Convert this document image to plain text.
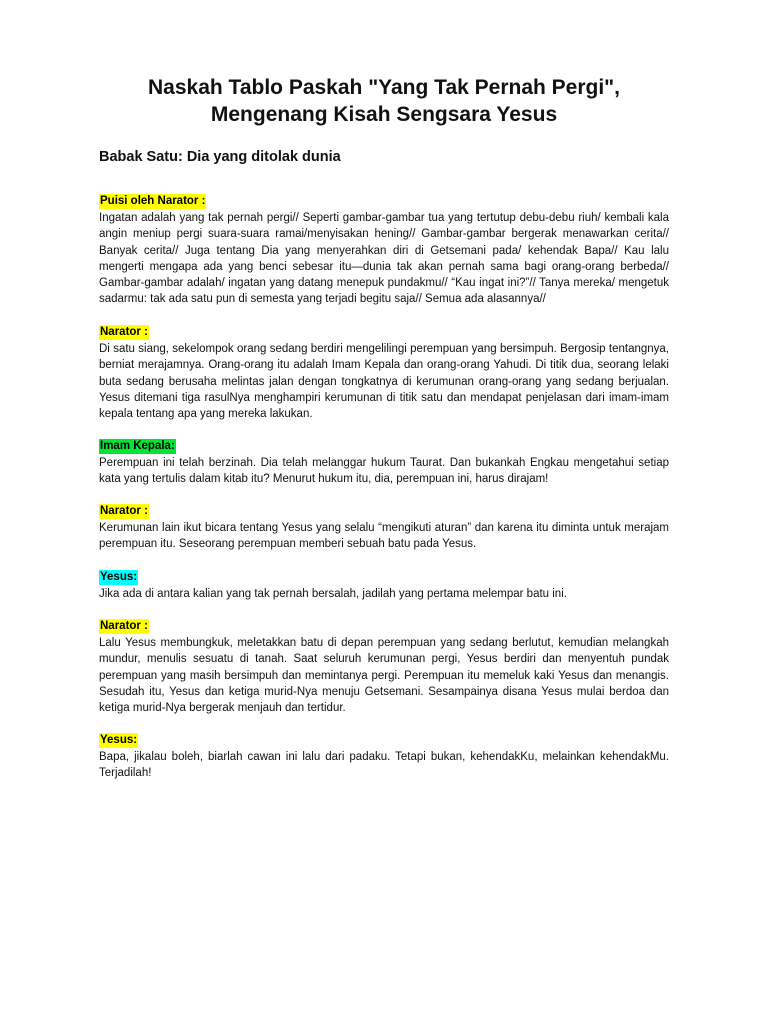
Naskah Tablo Paskah "Yang Tak Pernah Pergi",
Mengenang Kisah Sengsara Yesus
Babak Satu: Dia yang ditolak dunia
Puisi oleh Narator :

Ingatan adalah yang tak pernah pergi// Seperti gambar-gambar tua yang tertutup debu-debu riuh/ kembali kala angin meniup pergi suara-suara ramai/menyisakan hening// Gambar-gambar bergerak menawarkan cerita// Banyak cerita// Juga tentang Dia yang menyerahkan diri di Getsemani pada/ kehendak Bapa// Kau lalu mengerti mengapa ada yang benci sebesar itu—dunia tak akan pernah sama bagi orang-orang berbeda// Gambar-gambar adalah/ ingatan yang datang menepuk pundakmu// “Kau ingat ini?”// Tanya mereka/ mengetuk sadarmu: tak ada satu pun di semesta yang terjadi begitu saja// Semua ada alasannya//

Narator :

Di satu siang, sekelompok orang sedang berdiri mengelilingi perempuan yang bersimpuh. Bergosip tentangnya, berniat merajamnya. Orang-orang itu adalah Imam Kepala dan orang-orang Yahudi. Di titik dua, seorang lelaki buta sedang berusaha melintas jalan dengan tongkatnya di kerumunan orang-orang yang sedang berjualan. Yesus ditemani tiga rasulNya menghampiri kerumunan di titik satu dan mendapat penjelasan dari imam-imam kepala tentang apa yang mereka lakukan.

Imam Kepala:

Perempuan ini telah berzinah. Dia telah melanggar hukum Taurat. Dan bukankah Engkau mengetahui setiap kata yang tertulis dalam kitab itu? Menurut hukum itu, dia, perempuan ini, harus dirajam!

Narator :

Kerumunan lain ikut bicara tentang Yesus yang selalu “mengikuti aturan” dan karena itu diminta untuk merajam perempuan itu. Seseorang perempuan memberi sebuah batu pada Yesus.

Yesus:

Jika ada di antara kalian yang tak pernah bersalah, jadilah yang pertama melempar batu ini.

Narator :

Lalu Yesus membungkuk, meletakkan batu di depan perempuan yang sedang berlutut, kemudian melangkah mundur, menulis sesuatu di tanah. Saat seluruh kerumunan pergi, Yesus berdiri dan menyentuh pundak perempuan yang masih bersimpuh dan memintanya pergi. Perempuan itu memeluk kaki Yesus dan menangis. Sesudah itu, Yesus dan ketiga murid-Nya menuju Getsemani. Sesampainya disana Yesus mulai berdoa dan ketiga murid-Nya bergerak menjauh dan tertidur.

Yesus:

Bapa, jikalau boleh, biarlah cawan ini lalu dari padaku. Tetapi bukan, kehendakKu, melainkan kehendakMu. Terjadilah!
